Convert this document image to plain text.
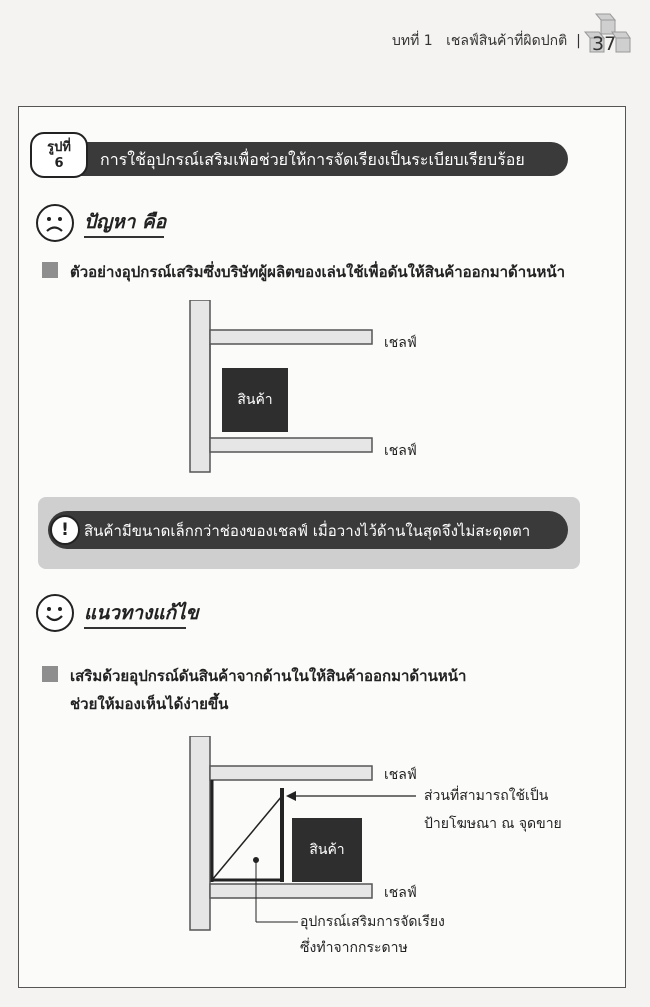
บทที่ 1 เชลฟ์สินค้าที่ผิดปกติ  | 37
รูปที่
6	การใช้อุปกรณ์เสริมเพื่อช่วยให้การจัดเรียงเป็นระเบียบเรียบร้อย
ปัญหา คือ
ตัวอย่างอุปกรณ์เสริมซึ่งบริษัทผู้ผลิตของเล่นใช้เพื่อดันให้สินค้าออกมาด้านหน้า
สินค้า
เชลฟ์
เชลฟ์
!	สินค้ามีขนาดเล็กกว่าช่องของเชลฟ์ เมื่อวางไว้ด้านในสุดจึงไม่สะดุดตา
แนวทางแก้ไข
เสริมด้วยอุปกรณ์ดันสินค้าจากด้านในให้สินค้าออกมาด้านหน้า
ช่วยให้มองเห็นได้ง่ายขึ้น
สินค้า
เชลฟ์
เชลฟ์
ส่วนที่สามารถใช้เป็น
ป้ายโฆษณา ณ จุดขาย
อุปกรณ์เสริมการจัดเรียง
ซึ่งทำจากกระดาษ
